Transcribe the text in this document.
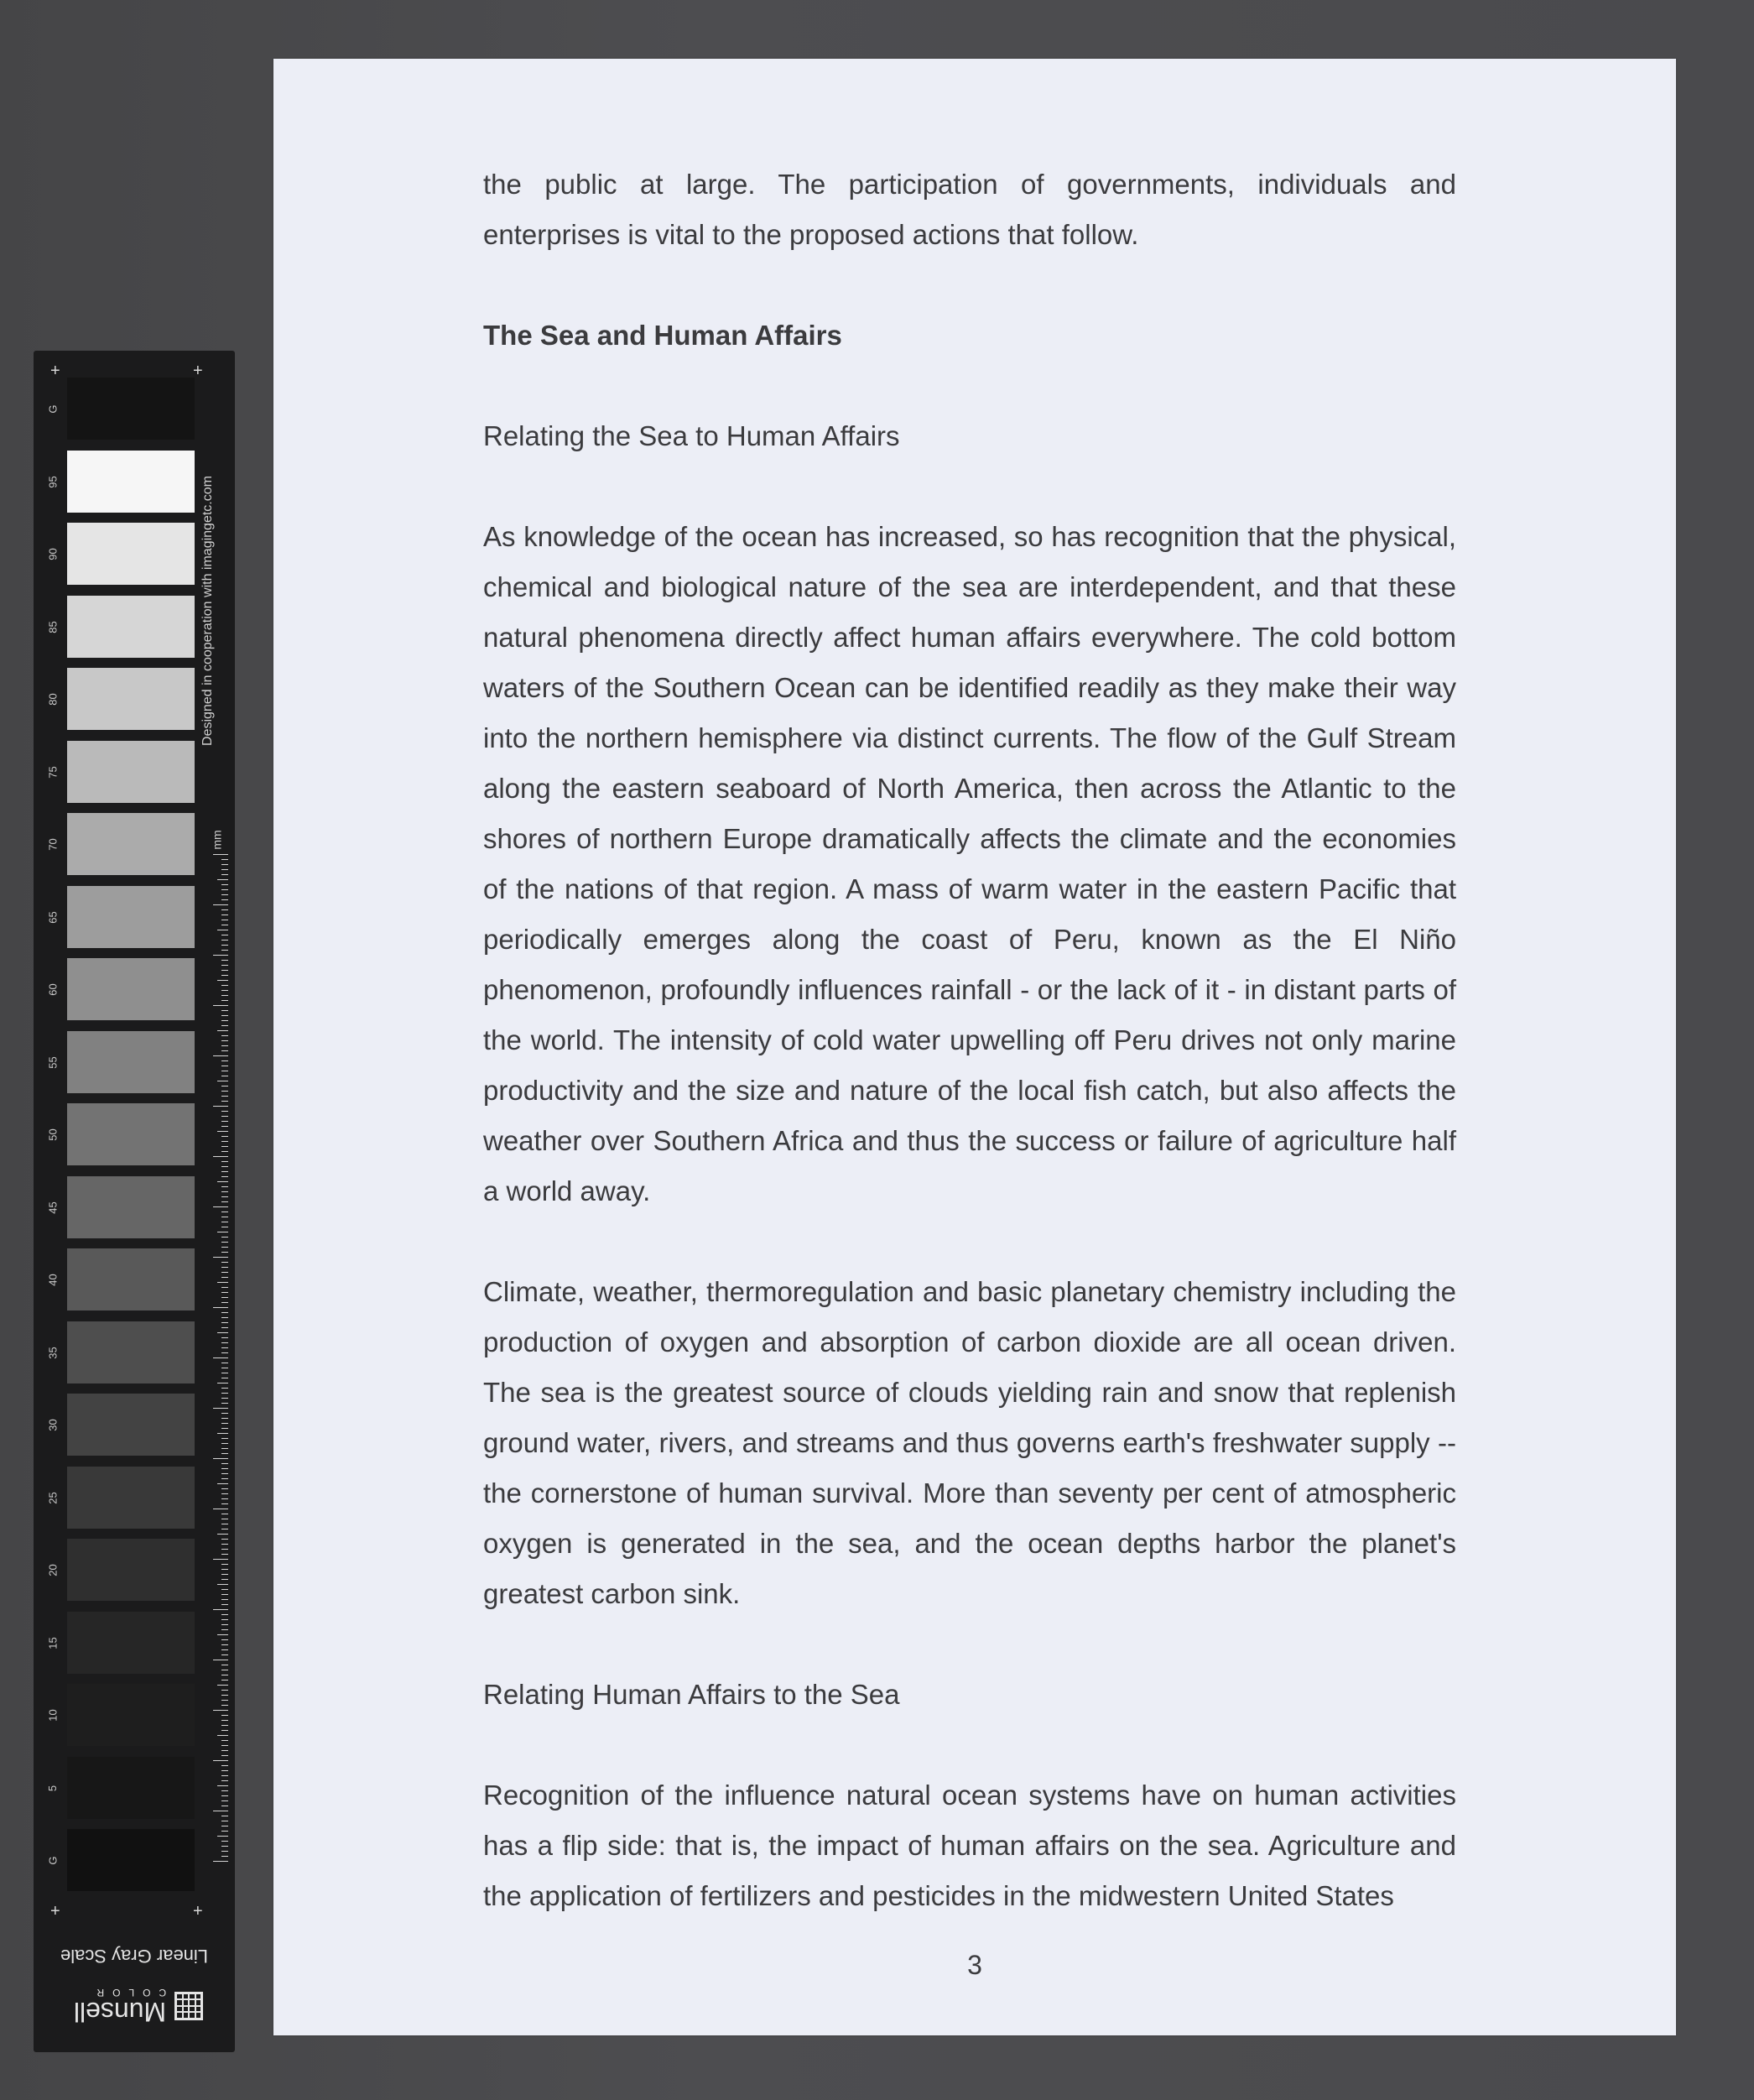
G
95
90
85
80
75
70
65
60
55
50
45
40
35
30
25
20
15
10
5
G
+	+
+	+
Designed in cooperation with imagingetc.com
mm
Linear Gray Scale
Munsell
COLOR

the public at large. The participation of governments, individuals and enterprises is vital to the proposed actions that follow.

The Sea and Human Affairs

Relating the Sea to Human Affairs

As knowledge of the ocean has increased, so has recognition that the physical, chemical and biological nature of the sea are interdependent, and that these natural phenomena directly affect human affairs everywhere. The cold bottom waters of the Southern Ocean can be identified readily as they make their way into the northern hemisphere via distinct currents. The flow of the Gulf Stream along the eastern seaboard of North America, then across the Atlantic to the shores of northern Europe dramatically affects the climate and the economies of the nations of that region. A mass of warm water in the eastern Pacific that periodically emerges along the coast of Peru, known as the El Niño phenomenon, profoundly influences rainfall - or the lack of it - in distant parts of the world. The intensity of cold water upwelling off Peru drives not only marine productivity and the size and nature of the local fish catch, but also affects the weather over Southern Africa and thus the success or failure of agriculture half a world away.

Climate, weather, thermoregulation and basic planetary chemistry including the production of oxygen and absorption of carbon dioxide are all ocean driven. The sea is the greatest source of clouds yielding rain and snow that replenish ground water, rivers, and streams and thus governs earth's freshwater supply -- the cornerstone of human survival. More than seventy per cent of atmospheric oxygen is generated in the sea, and the ocean depths harbor the planet's greatest carbon sink.

Relating Human Affairs to the Sea

Recognition of the influence natural ocean systems have on human activities has a flip side: that is, the impact of human affairs on the sea. Agriculture and the application of fertilizers and pesticides in the midwestern United States

3
